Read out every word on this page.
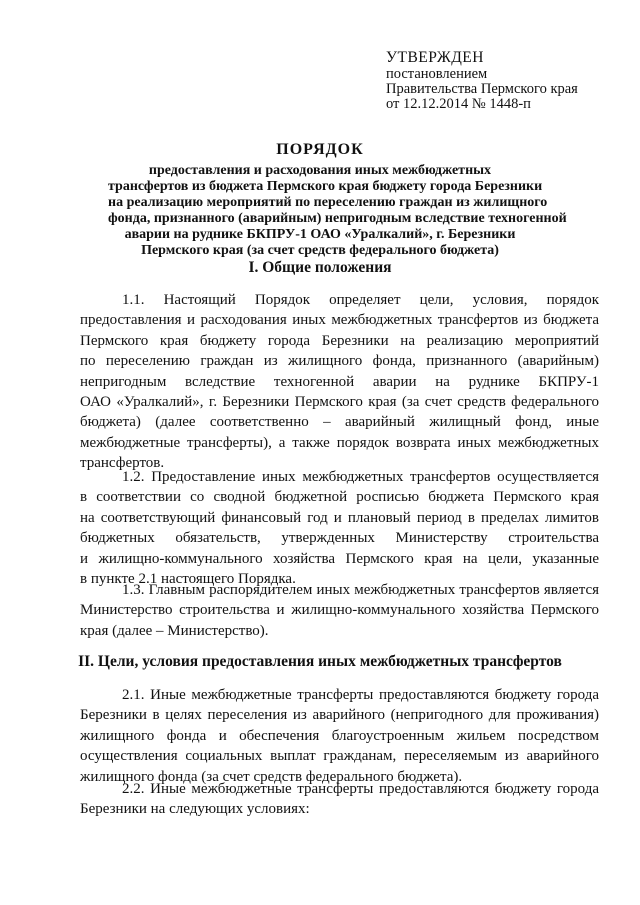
УТВЕРЖДЕН
постановлением
Правительства Пермского края
от 12.12.2014 № 1448-п
ПОРЯДОК
предоставления и расходования иных межбюджетных
трансфертов из бюджета Пермского края бюджету города Березники
на реализацию мероприятий по переселению граждан из жилищного
фонда, признанного (аварийным) непригодным вследствие техногенной
аварии на руднике БКПРУ-1 ОАО «Уралкалий», г. Березники
Пермского края (за счет средств федерального бюджета)
I. Общие положения
1.1. Настоящий Порядок определяет цели, условия, порядок
предоставления и расходования иных межбюджетных трансфертов из бюджета
Пермского края бюджету города Березники на реализацию мероприятий
по переселению граждан из жилищного фонда, признанного (аварийным)
непригодным вследствие техногенной аварии на руднике БКПРУ-1
ОАО «Уралкалий», г. Березники Пермского края (за счет средств федерального
бюджета) (далее соответственно – аварийный жилищный фонд, иные
межбюджетные трансферты), а также порядок возврата иных межбюджетных
трансфертов.
1.2. Предоставление иных межбюджетных трансфертов осуществляется
в соответствии со сводной бюджетной росписью бюджета Пермского края
на соответствующий финансовый год и плановый период в пределах лимитов
бюджетных обязательств, утвержденных Министерству строительства
и жилищно-коммунального хозяйства Пермского края на цели, указанные
в пункте 2.1 настоящего Порядка.
1.3. Главным распорядителем иных межбюджетных трансфертов является
Министерство строительства и жилищно-коммунального хозяйства Пермского
края (далее – Министерство).
II. Цели, условия предоставления иных межбюджетных трансфертов
2.1. Иные межбюджетные трансферты предоставляются бюджету города
Березники в целях переселения из аварийного (непригодного для проживания)
жилищного фонда и обеспечения благоустроенным жильем посредством
осуществления социальных выплат гражданам, переселяемым из аварийного
жилищного фонда (за счет средств федерального бюджета).
2.2. Иные межбюджетные трансферты предоставляются бюджету города
Березники на следующих условиях:
